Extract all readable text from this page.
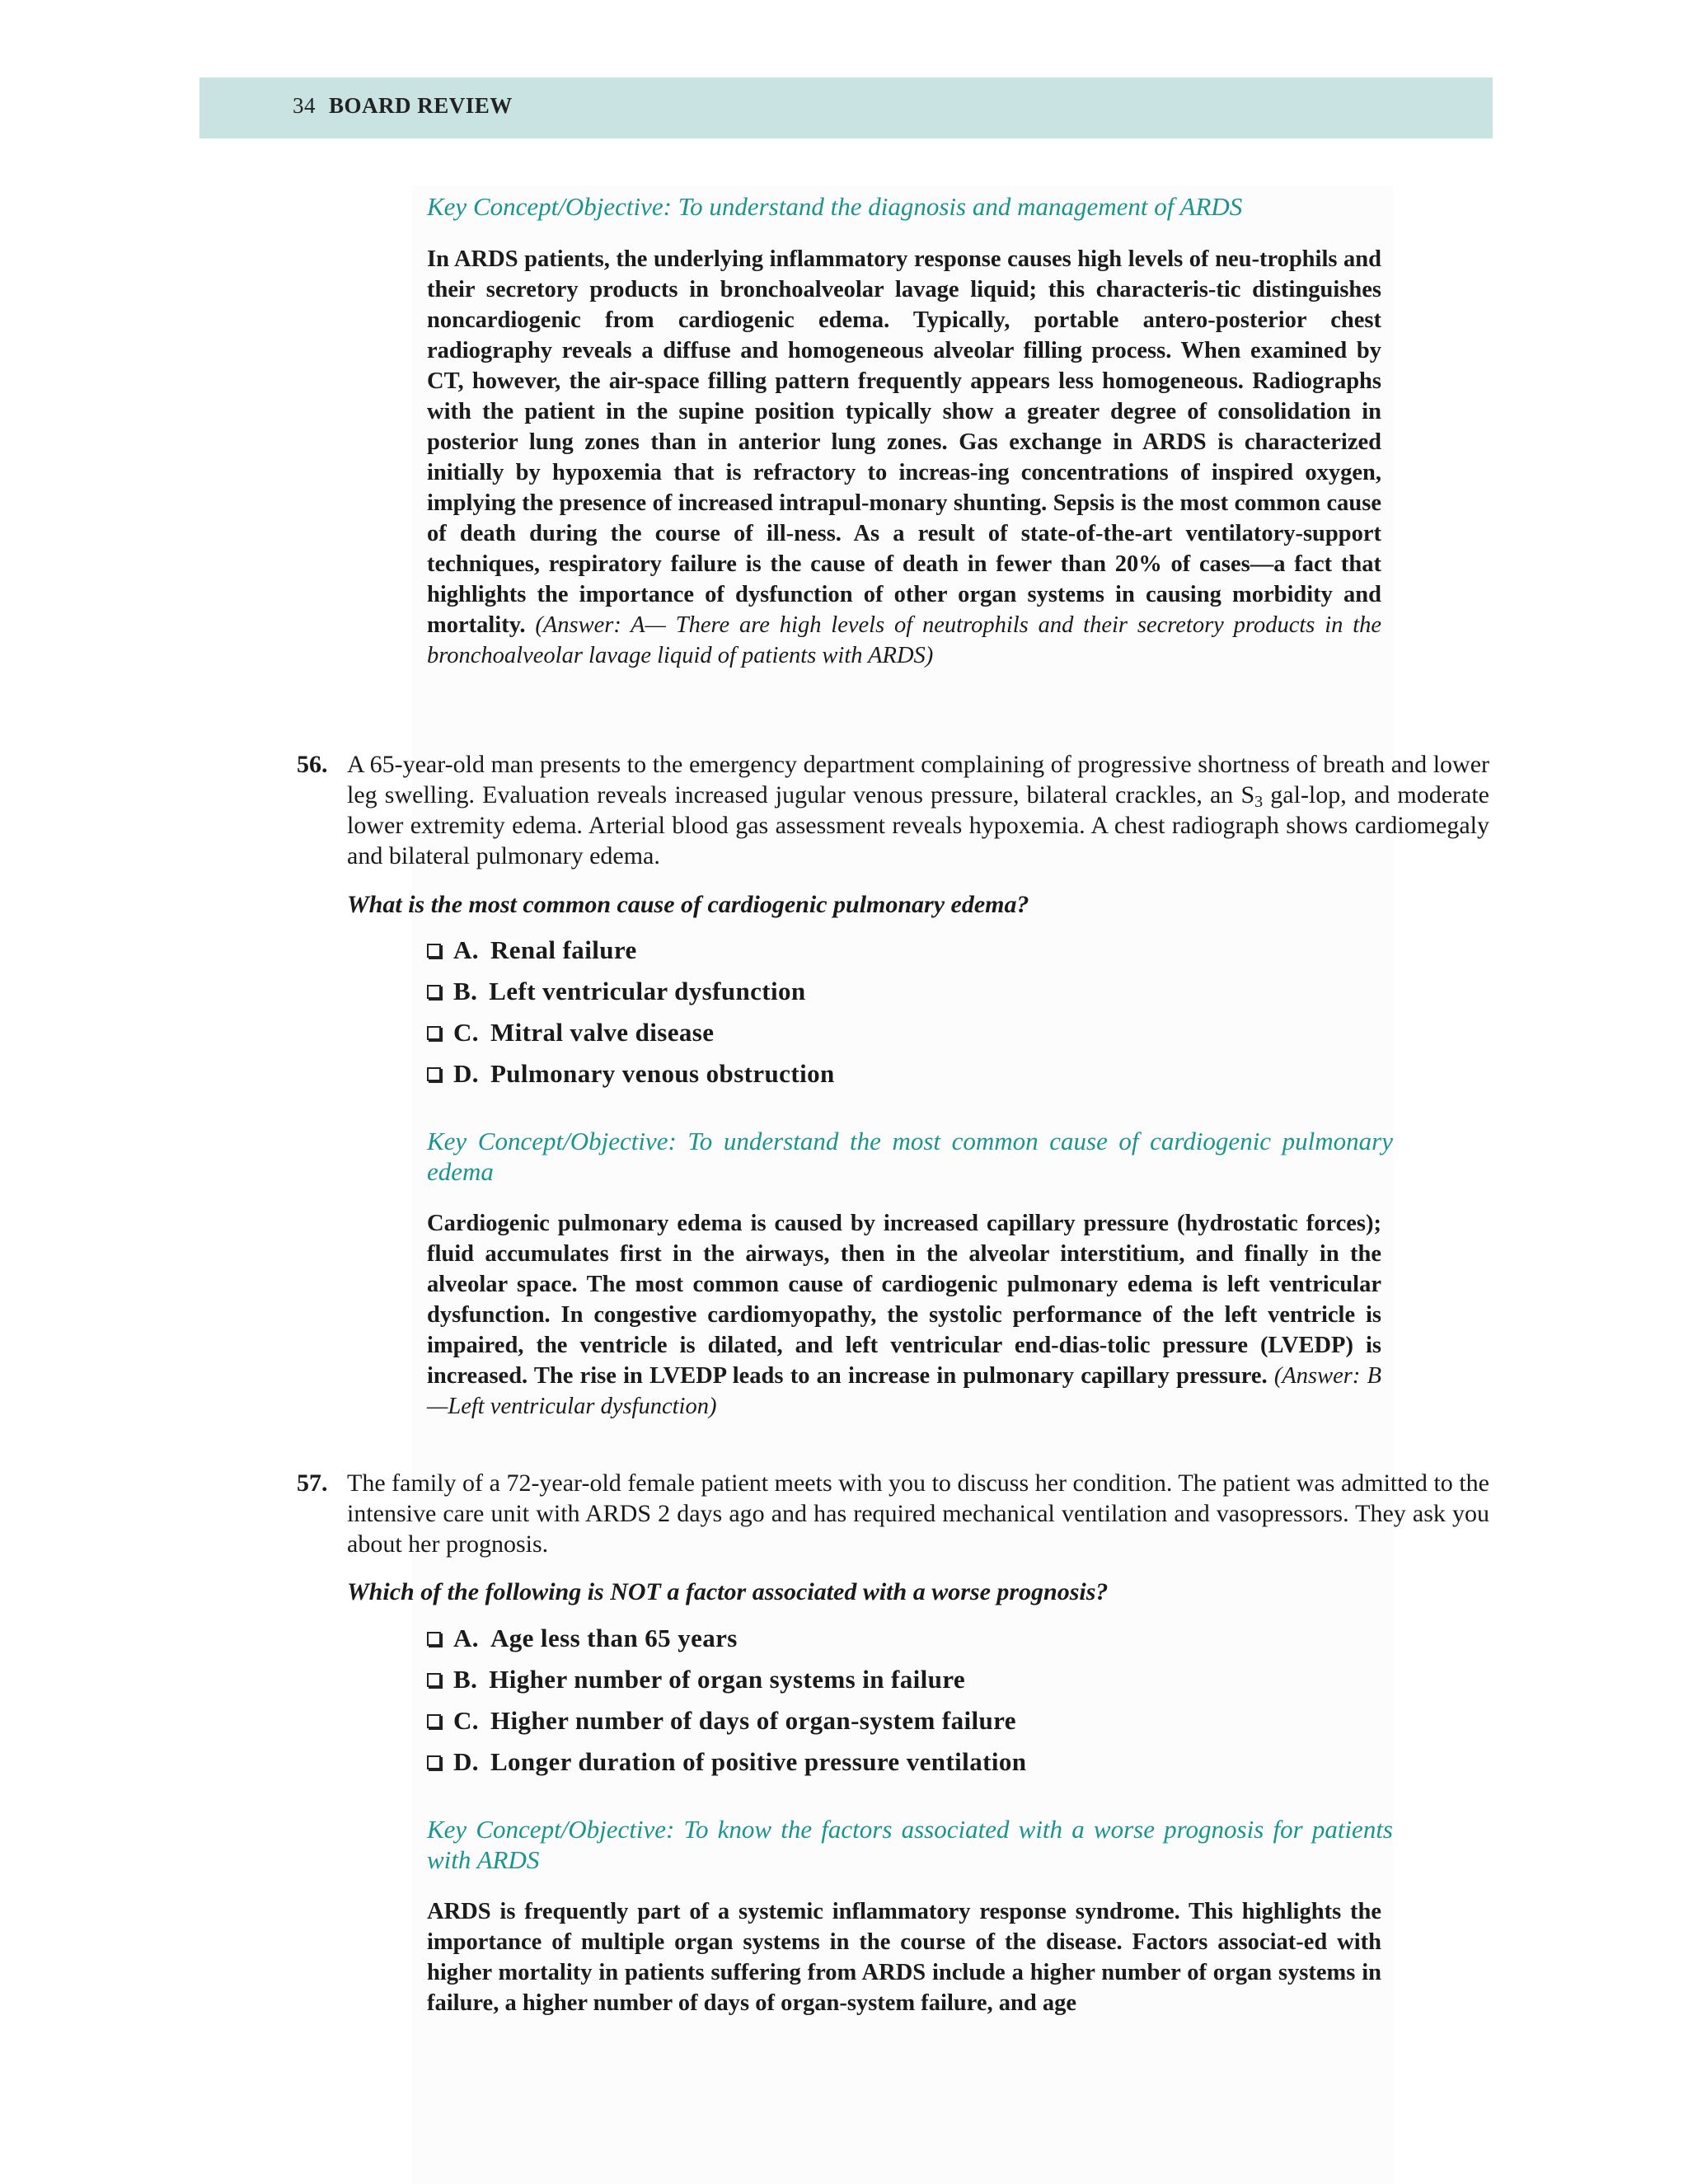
34 BOARD REVIEW
Key Concept/Objective: To understand the diagnosis and management of ARDS
In ARDS patients, the underlying inflammatory response causes high levels of neu-trophils and their secretory products in bronchoalveolar lavage liquid; this characteris-tic distinguishes noncardiogenic from cardiogenic edema. Typically, portable antero-posterior chest radiography reveals a diffuse and homogeneous alveolar filling process. When examined by CT, however, the air-space filling pattern frequently appears less homogeneous. Radiographs with the patient in the supine position typically show a greater degree of consolidation in posterior lung zones than in anterior lung zones. Gas exchange in ARDS is characterized initially by hypoxemia that is refractory to increas-ing concentrations of inspired oxygen, implying the presence of increased intrapul-monary shunting. Sepsis is the most common cause of death during the course of ill-ness. As a result of state-of-the-art ventilatory-support techniques, respiratory failure is the cause of death in fewer than 20% of cases—a fact that highlights the importance of dysfunction of other organ systems in causing morbidity and mortality. (Answer: A— There are high levels of neutrophils and their secretory products in the bronchoalveolar lavage liquid of patients with ARDS)
56. A 65-year-old man presents to the emergency department complaining of progressive shortness of breath and lower leg swelling. Evaluation reveals increased jugular venous pressure, bilateral crackles, an $S_3$ gal-lop, and moderate lower extremity edema. Arterial blood gas assessment reveals hypoxemia. A chest radiograph shows cardiomegaly and bilateral pulmonary edema.
What is the most common cause of cardiogenic pulmonary edema?
A. Renal failure
B. Left ventricular dysfunction
C. Mitral valve disease
D. Pulmonary venous obstruction
Key Concept/Objective: To understand the most common cause of cardiogenic pulmonary edema
Cardiogenic pulmonary edema is caused by increased capillary pressure (hydrostatic forces); fluid accumulates first in the airways, then in the alveolar interstitium, and finally in the alveolar space. The most common cause of cardiogenic pulmonary edema is left ventricular dysfunction. In congestive cardiomyopathy, the systolic performance of the left ventricle is impaired, the ventricle is dilated, and left ventricular end-dias-tolic pressure (LVEDP) is increased. The rise in LVEDP leads to an increase in pulmonary capillary pressure. (Answer: B—Left ventricular dysfunction)
57. The family of a 72-year-old female patient meets with you to discuss her condition. The patient was admitted to the intensive care unit with ARDS 2 days ago and has required mechanical ventilation and vasopressors. They ask you about her prognosis.
Which of the following is NOT a factor associated with a worse prognosis?
A. Age less than 65 years
B. Higher number of organ systems in failure
C. Higher number of days of organ-system failure
D. Longer duration of positive pressure ventilation
Key Concept/Objective: To know the factors associated with a worse prognosis for patients with ARDS
ARDS is frequently part of a systemic inflammatory response syndrome. This highlights the importance of multiple organ systems in the course of the disease. Factors associat-ed with higher mortality in patients suffering from ARDS include a higher number of organ systems in failure, a higher number of days of organ-system failure, and age
